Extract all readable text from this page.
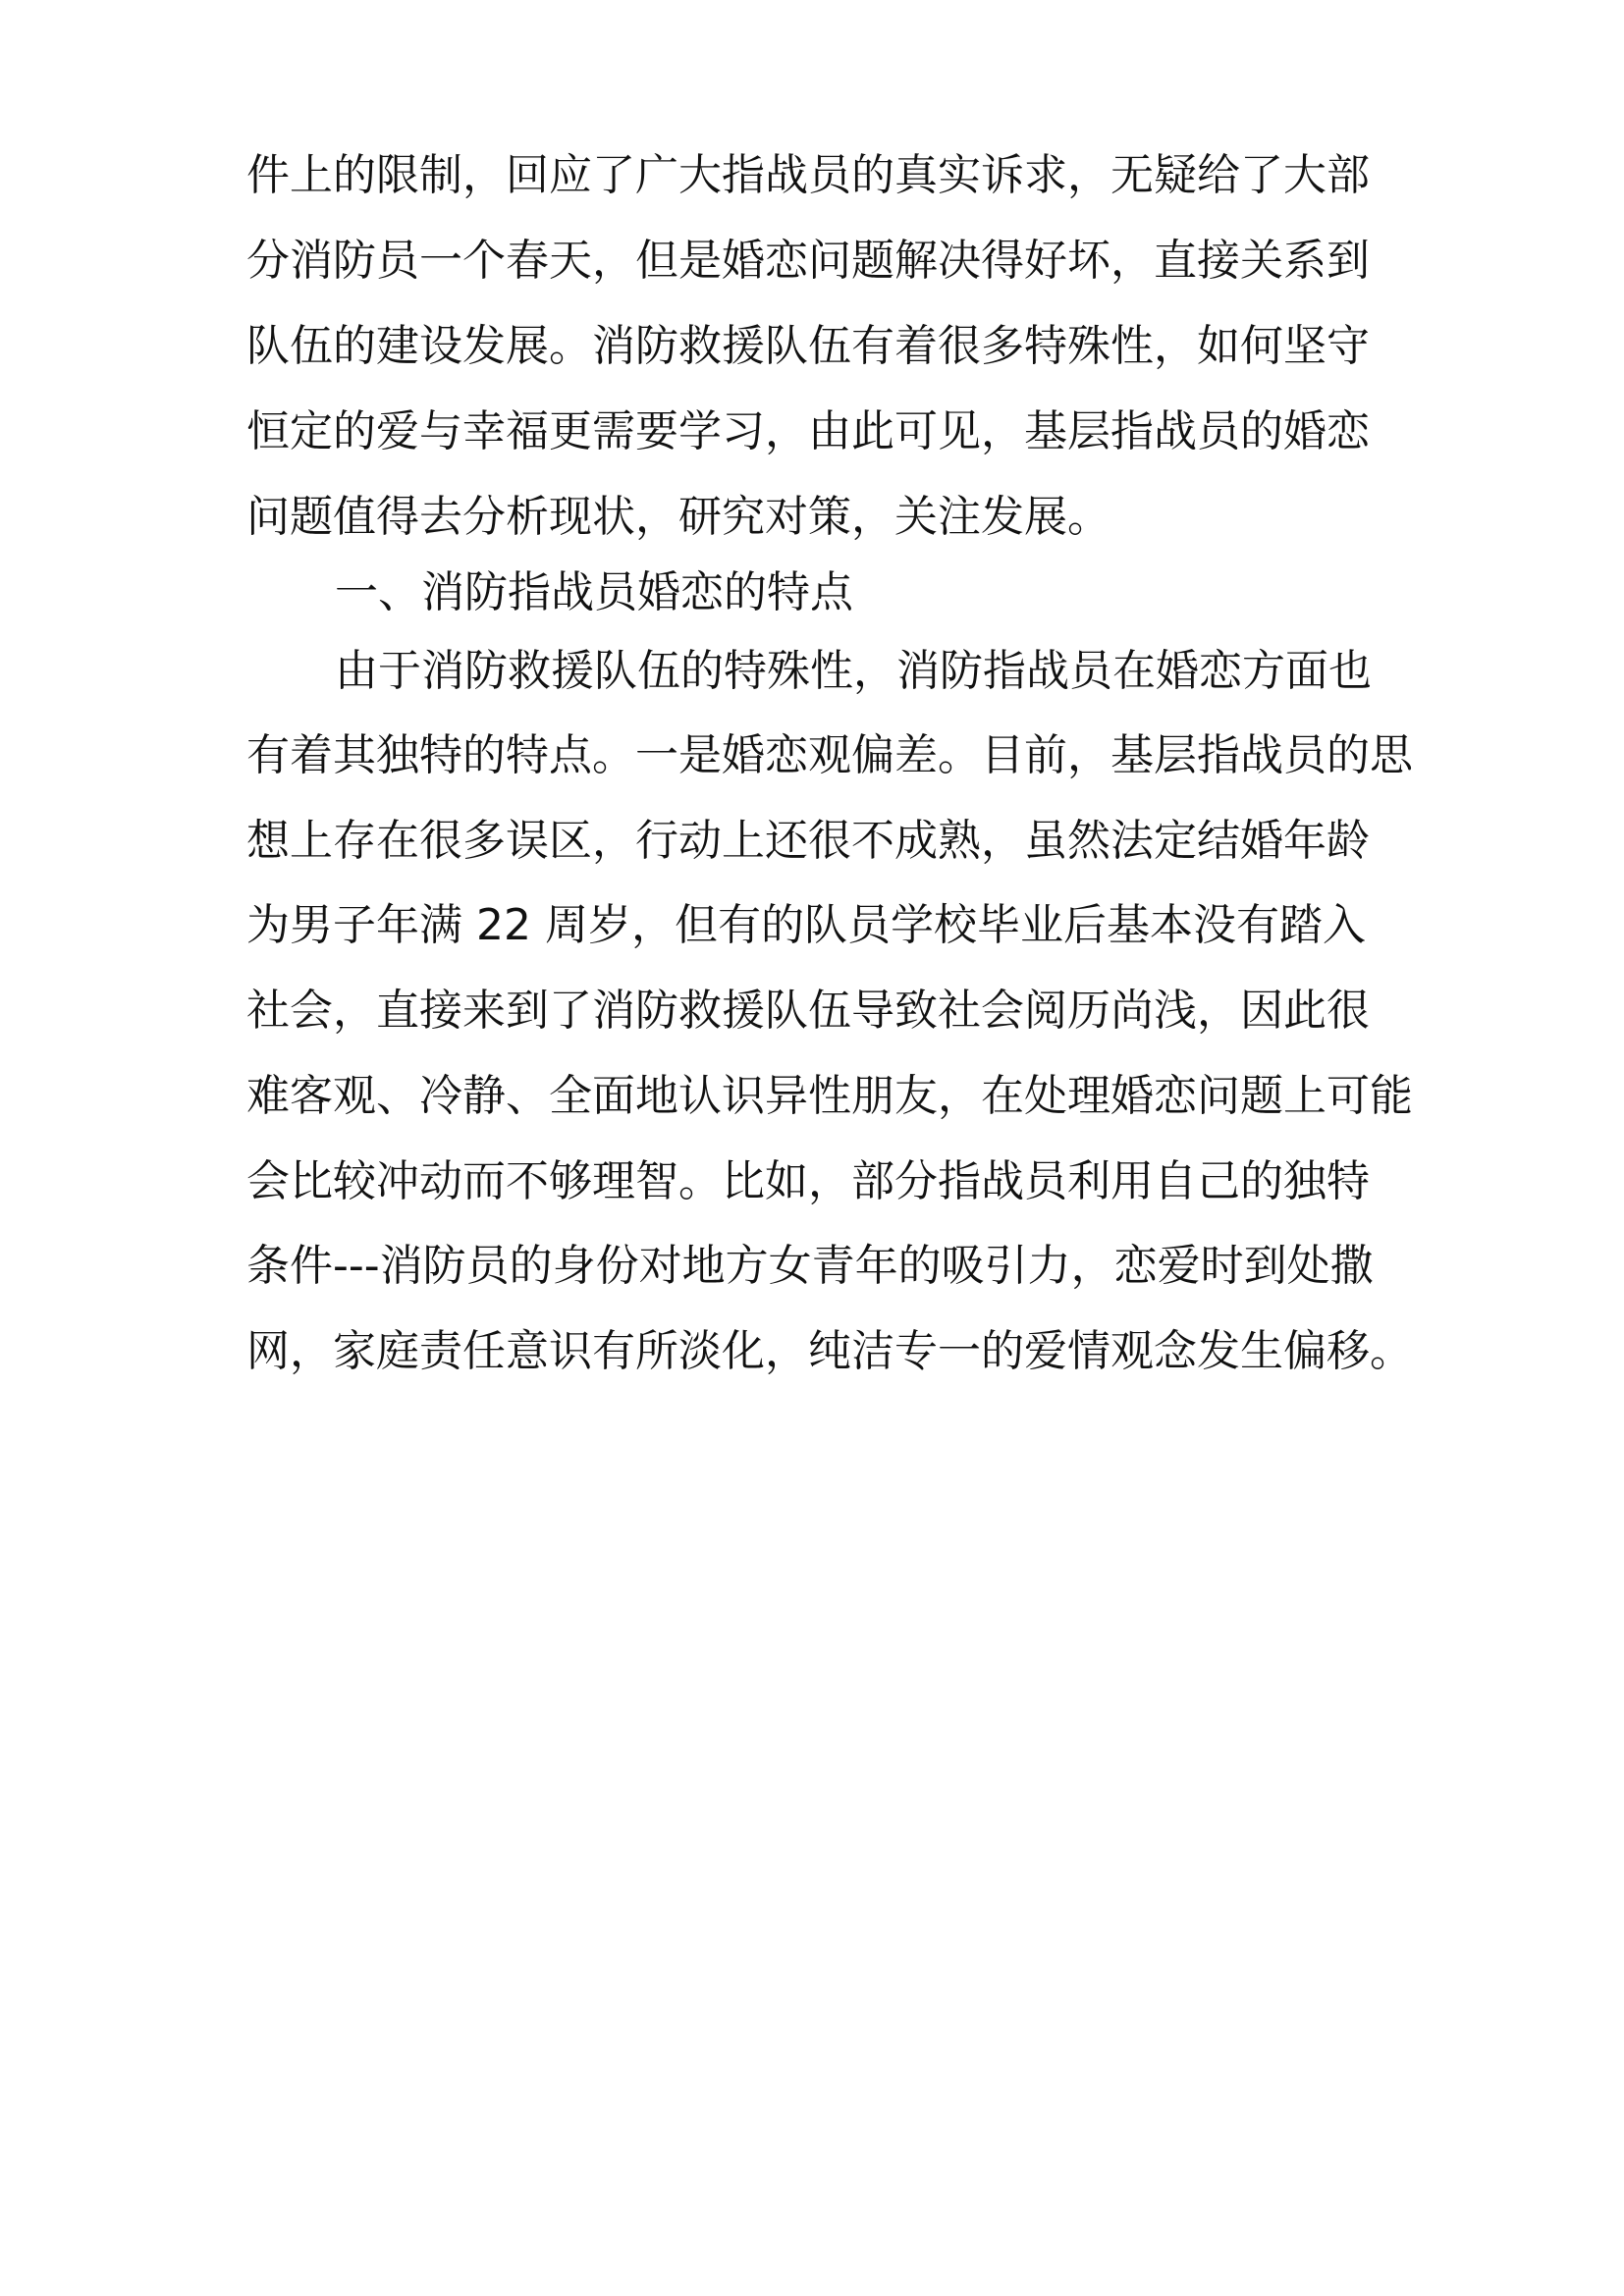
件上的限制，回应了广大指战员的真实诉求，无疑给了大部
分消防员一个春天，但是婚恋问题解决得好坏，直接关系到
队伍的建设发展。消防救援队伍有着很多特殊性，如何坚守
恒定的爱与幸福更需要学习，由此可见，基层指战员的婚恋
问题值得去分析现状，研究对策，关注发展。
一、消防指战员婚恋的特点
由于消防救援队伍的特殊性，消防指战员在婚恋方面也
有着其独特的特点。一是婚恋观偏差。目前，基层指战员的思
想上存在很多误区，行动上还很不成熟，虽然法定结婚年龄
为男子年满 22 周岁，但有的队员学校毕业后基本没有踏入
社会，直接来到了消防救援队伍导致社会阅历尚浅，因此很
难客观、冷静、全面地认识异性朋友，在处理婚恋问题上可能
会比较冲动而不够理智。比如，部分指战员利用自己的独特
条件---消防员的身份对地方女青年的吸引力，恋爱时到处撒
网，家庭责任意识有所淡化，纯洁专一的爱情观念发生偏移。
